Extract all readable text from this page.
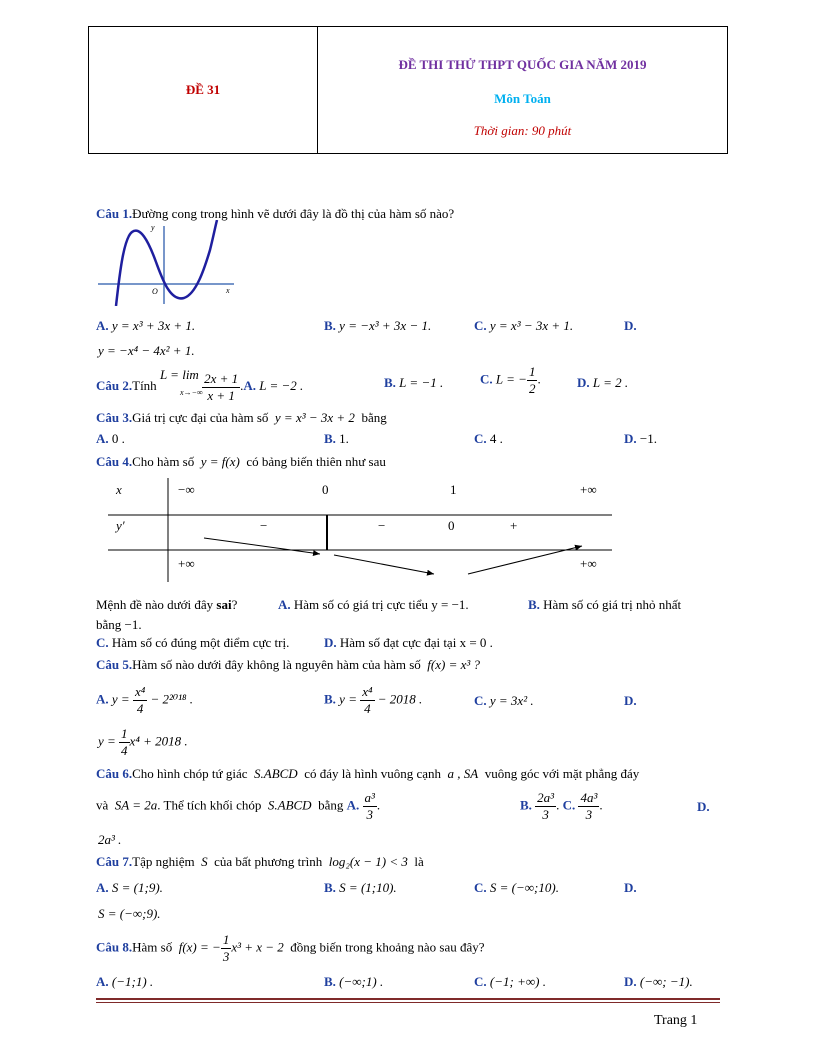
ĐỀ 31
ĐỀ THI THỬ THPT QUỐC GIA NĂM 2019
Môn Toán
Thời gian: 90 phút
Câu 1.Đường cong trong hình vẽ dưới đây là đồ thị của hàm số nào?
y
x
O
A. y = x³ + 3x + 1.	B. y = −x³ + 3x − 1.	C. y = x³ − 3x + 1.	D.
y = −x⁴ − 4x² + 1.
Câu 2.Tính L = lim
$^{x\to-\infty} \frac{2x + 1}{x + 1} .A$. L = −2 .	B. L = −1 .	C. L = − $\frac{1}{2}$ .	D. L = 2 .
Câu 3.Giá trị cực đại của hàm số y = x³ − 3x + 2 bằng
A. 0 .	B. 1.	C. 4 .	D. −1.
Câu 4.Cho hàm số y = f(x) có bảng biến thiên như sau
x	−∞	0	1	+∞
y′	−	−	0	+
+∞	+∞
Mệnh đề nào dưới đây sai?	A. Hàm số có giá trị cực tiểu y = −1.	B. Hàm số có giá trị nhỏ nhất
bằng −1.
C. Hàm số có đúng một điểm cực trị.	D. Hàm số đạt cực đại tại x = 0 .
Câu 5.Hàm số nào dưới đây không là nguyên hàm của hàm số f(x) = x³ ?
A. $y = \frac{\text{x⁴}}{4} - 2^{2018}$ .	B. $y = \frac{\text{x⁴}}{4} - 2018$ .	C. y = 3x² .	D.
$y = \frac{1}{4} x^4 + 2018$ .
Câu 6.Cho hình chóp tứ giác S.ABCD có đáy là hình vuông cạnh a , SA vuông góc với mặt phẳng đáy
và SA = 2a. Thể tích khối chóp S.ABCD bằng A. $\frac{\text{a³}}{3}$ .	B. $\frac{\text{2a³}}{3}$ . C. $\frac{\text{4a³}}{3}$ .	D.
2a³ .
Câu 7.Tập nghiệm S của bất phương trình log₂(x − 1) < 3 là
A. S = (1;9).	B. S = (1;10).	C. S = (−∞;10).	D.
S = (−∞;9).
Câu 8.Hàm số f(x) = − $\frac{1}{3} x^3 + x - 2$ đồng biến trong khoảng nào sau đây?
A. (−1;1) .	B. (−∞;1) .	C. (−1; +∞) .	D. (−∞; −1).
Trang 1
